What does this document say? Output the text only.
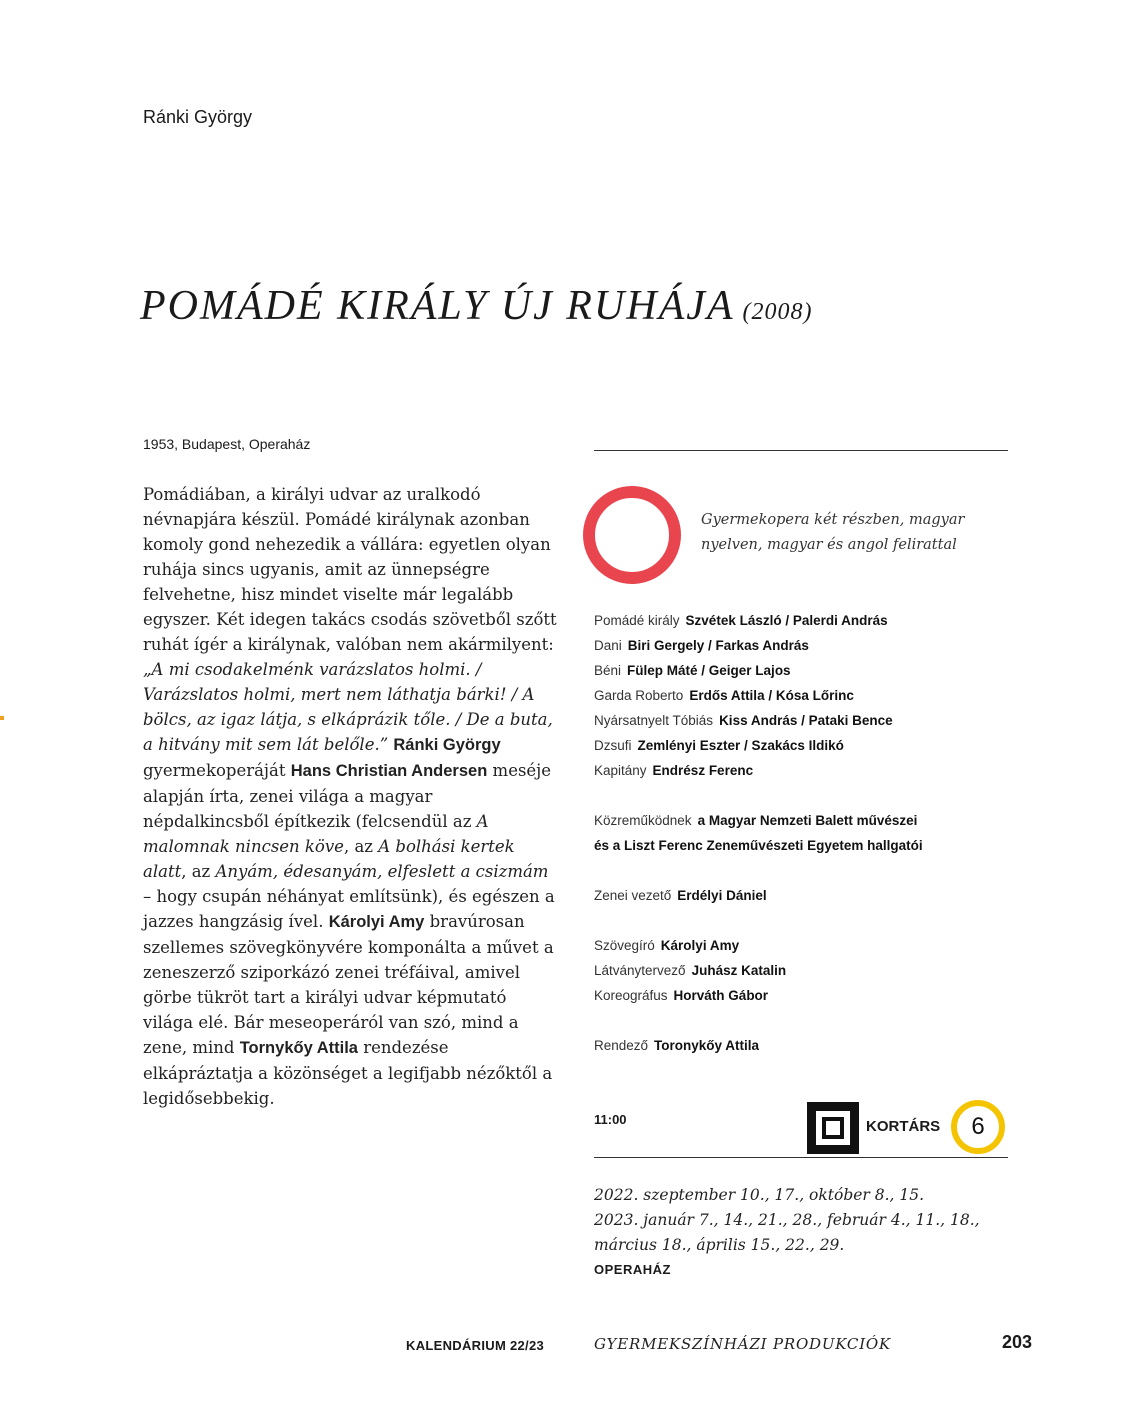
Ránki György
POMÁDÉ KIRÁLY ÚJ RUHÁJA (2008)
1953, Budapest, Operaház
Pomádiában, a királyi udvar az uralkodó névnapjára készül. Pomádé királynak azonban komoly gond nehezedik a vállára: egyetlen olyan ruhája sincs ugyanis, amit az ünnepségre felvehetne, hisz mindet viselte már legalább egyszer. Két idegen takács csodás szövetből szőtt ruhát ígér a királynak, valóban nem akármilyent: „A mi csodakelménk varázslatos holmi. / Varázslatos holmi, mert nem láthatja bárki! / A bölcs, az igaz látja, s elkáprázik tőle. / De a buta, a hitvány mit sem lát belőle.” Ránki György gyermekoperáját Hans Christian Andersen meséje alapján írta, zenei világa a magyar népdalkincsből építkezik (felcsendül az A malomnak nincsen köve, az A bolhási kertek alatt, az Anyám, édesanyám, elfeslett a csizmám – hogy csupán néhányat említsünk), és egészen a jazzes hangzásig ível. Károlyi Amy bravúrosan szellemes szövegkönyvére komponálta a művet a zeneszerző sziporkázó zenei tréfáival, amivel görbe tükröt tart a királyi udvar képmutató világa elé. Bár meseoperáról van szó, mind a zene, mind Tornykőy Attila rendezése elkápráztatja a közönséget a legifjabb nézőktől a legidősebbekig.
Gyermekopera két részben, magyar nyelven, magyar és angol felirattal
Pomádé király Szvétek László / Palerdi András
Dani Biri Gergely / Farkas András
Béni Fülep Máté / Geiger Lajos
Garda Roberto Erdős Attila / Kósa Lőrinc
Nyársatnyelt Tóbiás Kiss András / Pataki Bence
Dzsufi Zemlényi Eszter / Szakács Ildikó
Kapitány Endrész Ferenc
Közreműködnek a Magyar Nemzeti Balett művészei
és a Liszt Ferenc Zeneművészeti Egyetem hallgatói
Zenei vezető Erdélyi Dániel
Szövegíró Károlyi Amy
Látványtervező Juhász Katalin
Koreográfus Horváth Gábor
Rendező Toronykőy Attila
11:00	KORTÁRS	6
2022. szeptember 10., 17., október 8., 15.
2023. január 7., 14., 21., 28., február 4., 11., 18.,
március 18., április 15., 22., 29.
OPERAHÁZ
KALENDÁRIUM 22/23	GYERMEKSZÍNHÁZI PRODUKCIÓK	203
